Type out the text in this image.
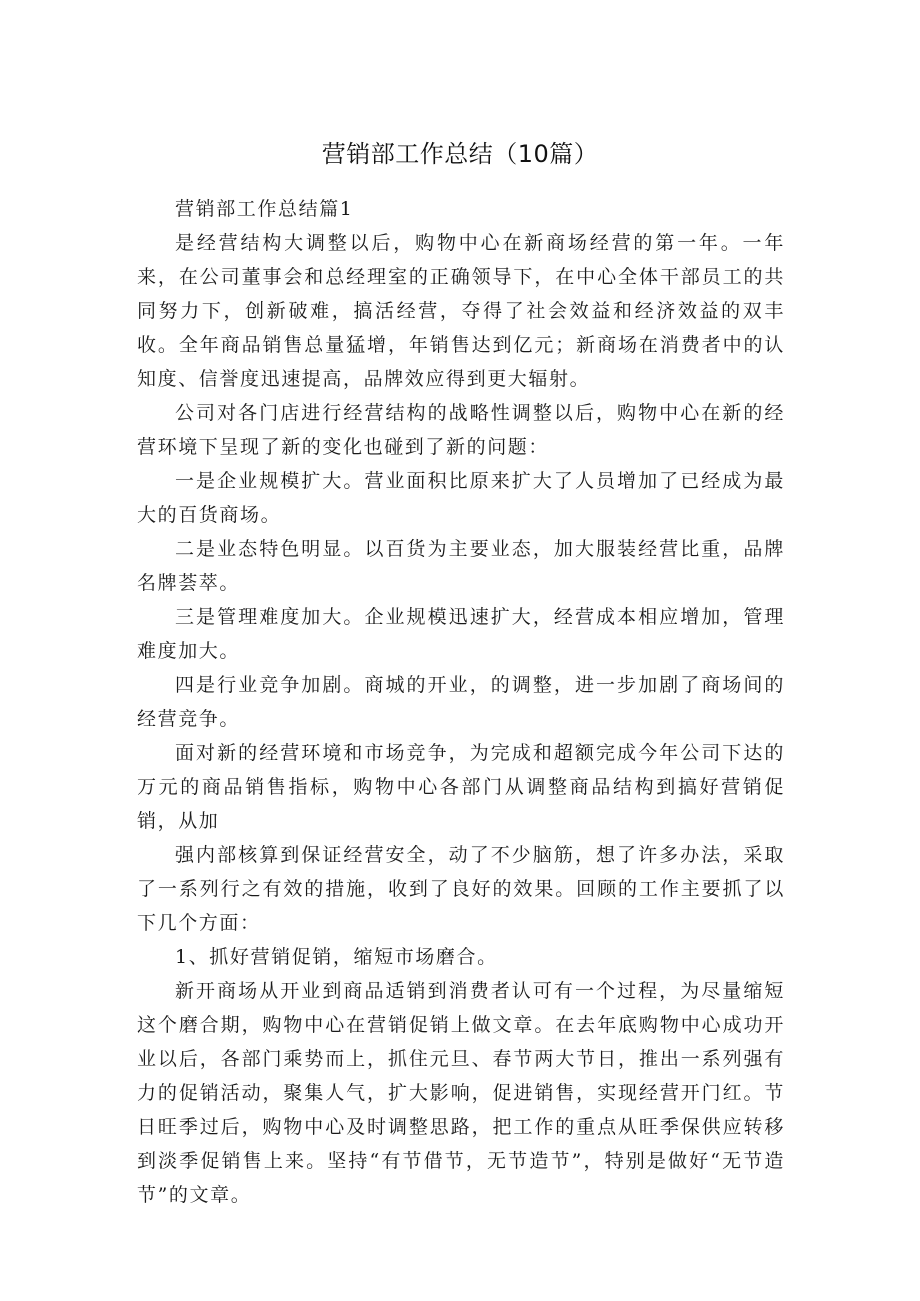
营销部工作总结（10篇）

营销部工作总结篇1

是经营结构大调整以后，购物中心在新商场经营的第一年。一年来，在公司董事会和总经理室的正确领导下，在中心全体干部员工的共同努力下，创新破难，搞活经营，夺得了社会效益和经济效益的双丰收。全年商品销售总量猛增，年销售达到亿元；新商场在消费者中的认知度、信誉度迅速提高，品牌效应得到更大辐射。

公司对各门店进行经营结构的战略性调整以后，购物中心在新的经营环境下呈现了新的变化也碰到了新的问题：

一是企业规模扩大。营业面积比原来扩大了人员增加了已经成为最大的百货商场。

二是业态特色明显。以百货为主要业态，加大服装经营比重，品牌名牌荟萃。

三是管理难度加大。企业规模迅速扩大，经营成本相应增加，管理难度加大。

四是行业竞争加剧。商城的开业，的调整，进一步加剧了商场间的经营竞争。

面对新的经营环境和市场竞争，为完成和超额完成今年公司下达的万元的商品销售指标，购物中心各部门从调整商品结构到搞好营销促销，从加

强内部核算到保证经营安全，动了不少脑筋，想了许多办法，采取了一系列行之有效的措施，收到了良好的效果。回顾的工作主要抓了以下几个方面：

1、抓好营销促销，缩短市场磨合。

新开商场从开业到商品适销到消费者认可有一个过程，为尽量缩短这个磨合期，购物中心在营销促销上做文章。在去年底购物中心成功开业以后，各部门乘势而上，抓住元旦、春节两大节日，推出一系列强有力的促销活动，聚集人气，扩大影响，促进销售，实现经营开门红。节日旺季过后，购物中心及时调整思路，把工作的重点从旺季保供应转移到淡季促销售上来。坚持“有节借节，无节造节”，特别是做好“无节造节”的文章。
